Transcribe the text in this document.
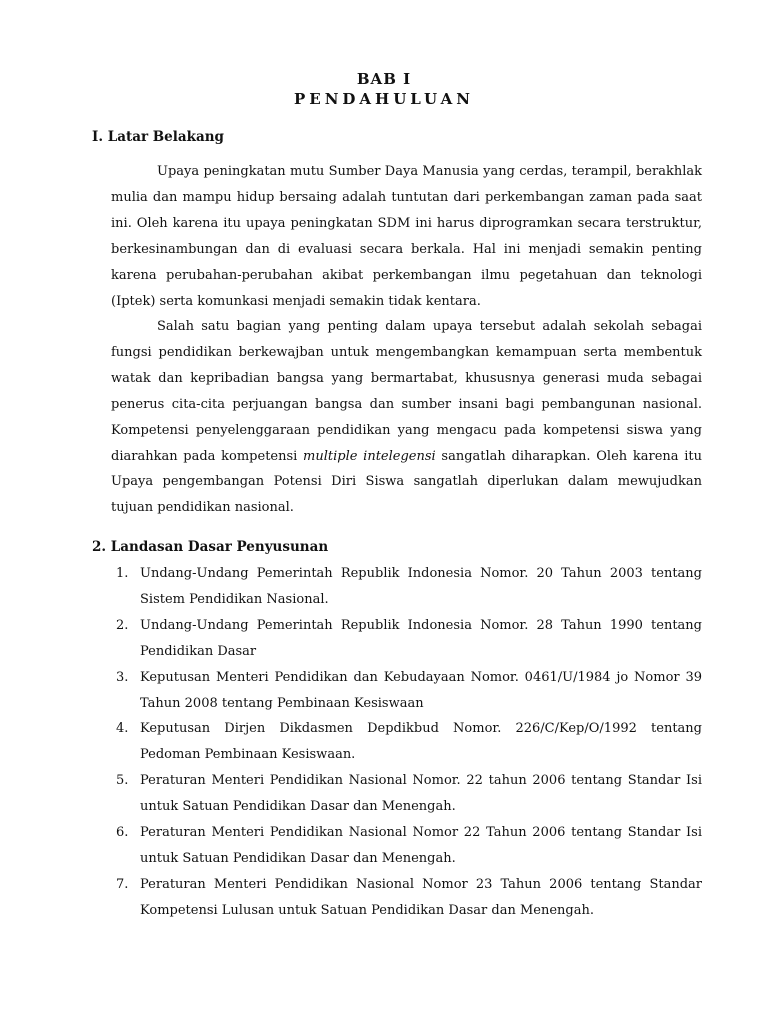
BAB I
PENDAHULUAN
I. Latar Belakang

Upaya peningkatan mutu Sumber Daya Manusia yang cerdas, terampil, berakhlak mulia dan mampu hidup bersaing adalah tuntutan dari perkembangan zaman pada saat ini. Oleh karena itu upaya peningkatan SDM ini harus diprogramkan secara terstruktur, berkesinambungan dan di evaluasi secara berkala. Hal ini menjadi semakin penting karena perubahan-perubahan akibat perkembangan ilmu pegetahuan dan teknologi (Iptek) serta komunkasi menjadi semakin tidak kentara.

Salah satu bagian yang penting dalam upaya tersebut adalah sekolah sebagai fungsi pendidikan berkewajban untuk mengembangkan kemampuan serta membentuk watak dan kepribadian bangsa yang bermartabat, khususnya generasi muda sebagai penerus cita-cita perjuangan bangsa dan sumber insani bagi pembangunan nasional. Kompetensi penyelenggaraan pendidikan yang mengacu pada kompetensi siswa yang diarahkan pada kompetensi multiple intelegensi sangatlah diharapkan. Oleh karena itu Upaya pengembangan Potensi Diri Siswa sangatlah diperlukan dalam mewujudkan tujuan pendidikan nasional.

2. Landasan Dasar Penyusunan
1. Undang-Undang Pemerintah Republik Indonesia Nomor. 20 Tahun 2003 tentang Sistem Pendidikan Nasional.
2. Undang-Undang Pemerintah Republik Indonesia Nomor. 28 Tahun 1990 tentang Pendidikan Dasar
3. Keputusan Menteri Pendidikan dan Kebudayaan Nomor. 0461/U/1984 jo Nomor 39 Tahun 2008 tentang Pembinaan Kesiswaan
4. Keputusan Dirjen Dikdasmen Depdikbud Nomor. 226/C/Kep/O/1992 tentang Pedoman Pembinaan Kesiswaan.
5. Peraturan Menteri Pendidikan Nasional Nomor. 22 tahun 2006 tentang Standar Isi untuk Satuan Pendidikan Dasar dan Menengah.
6. Peraturan Menteri Pendidikan Nasional Nomor 22 Tahun 2006 tentang Standar Isi untuk Satuan Pendidikan Dasar dan Menengah.
7. Peraturan Menteri Pendidikan Nasional Nomor 23 Tahun 2006 tentang Standar Kompetensi Lulusan untuk Satuan Pendidikan Dasar dan Menengah.
